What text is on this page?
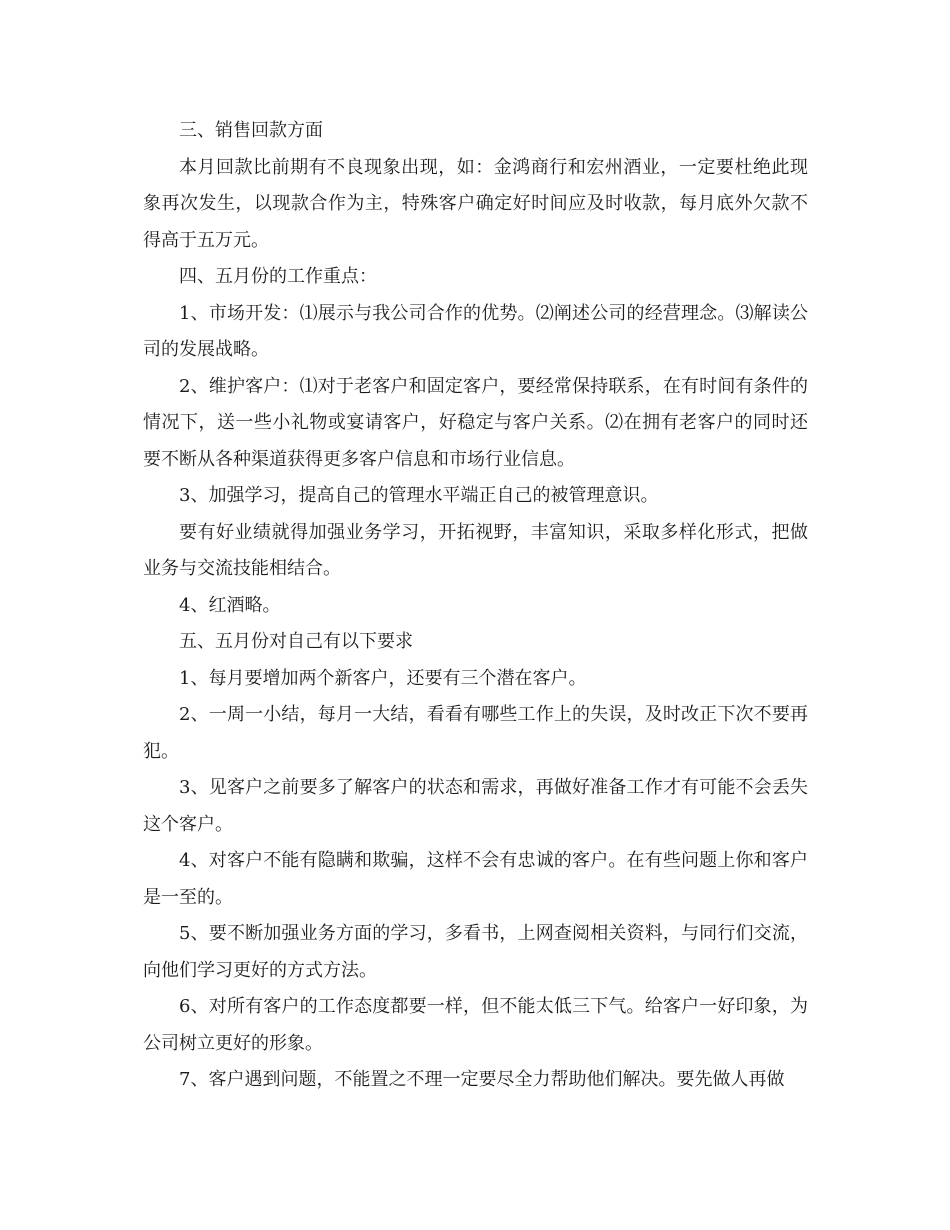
三、销售回款方面

本月回款比前期有不良现象出现，如：金鸿商行和宏州酒业，一定要杜绝此现象再次发生，以现款合作为主，特殊客户确定好时间应及时收款，每月底外欠款不得高于五万元。

四、五月份的工作重点：

1、市场开发：⑴展示与我公司合作的优势。⑵阐述公司的经营理念。⑶解读公司的发展战略。

2、维护客户：⑴对于老客户和固定客户，要经常保持联系，在有时间有条件的情况下，送一些小礼物或宴请客户，好稳定与客户关系。⑵在拥有老客户的同时还要不断从各种渠道获得更多客户信息和市场行业信息。

3、加强学习，提高自己的管理水平端正自己的被管理意识。

要有好业绩就得加强业务学习，开拓视野，丰富知识，采取多样化形式，把做业务与交流技能相结合。

4、红酒略。

五、五月份对自己有以下要求

1、每月要增加两个新客户，还要有三个潜在客户。

2、一周一小结，每月一大结，看看有哪些工作上的失误，及时改正下次不要再犯。

3、见客户之前要多了解客户的状态和需求，再做好准备工作才有可能不会丢失这个客户。

4、对客户不能有隐瞒和欺骗，这样不会有忠诚的客户。在有些问题上你和客户是一至的。

5、要不断加强业务方面的学习，多看书，上网查阅相关资料，与同行们交流，向他们学习更好的方式方法。

6、对所有客户的工作态度都要一样，但不能太低三下气。给客户一好印象，为公司树立更好的形象。

7、客户遇到问题，不能置之不理一定要尽全力帮助他们解决。要先做人再做
